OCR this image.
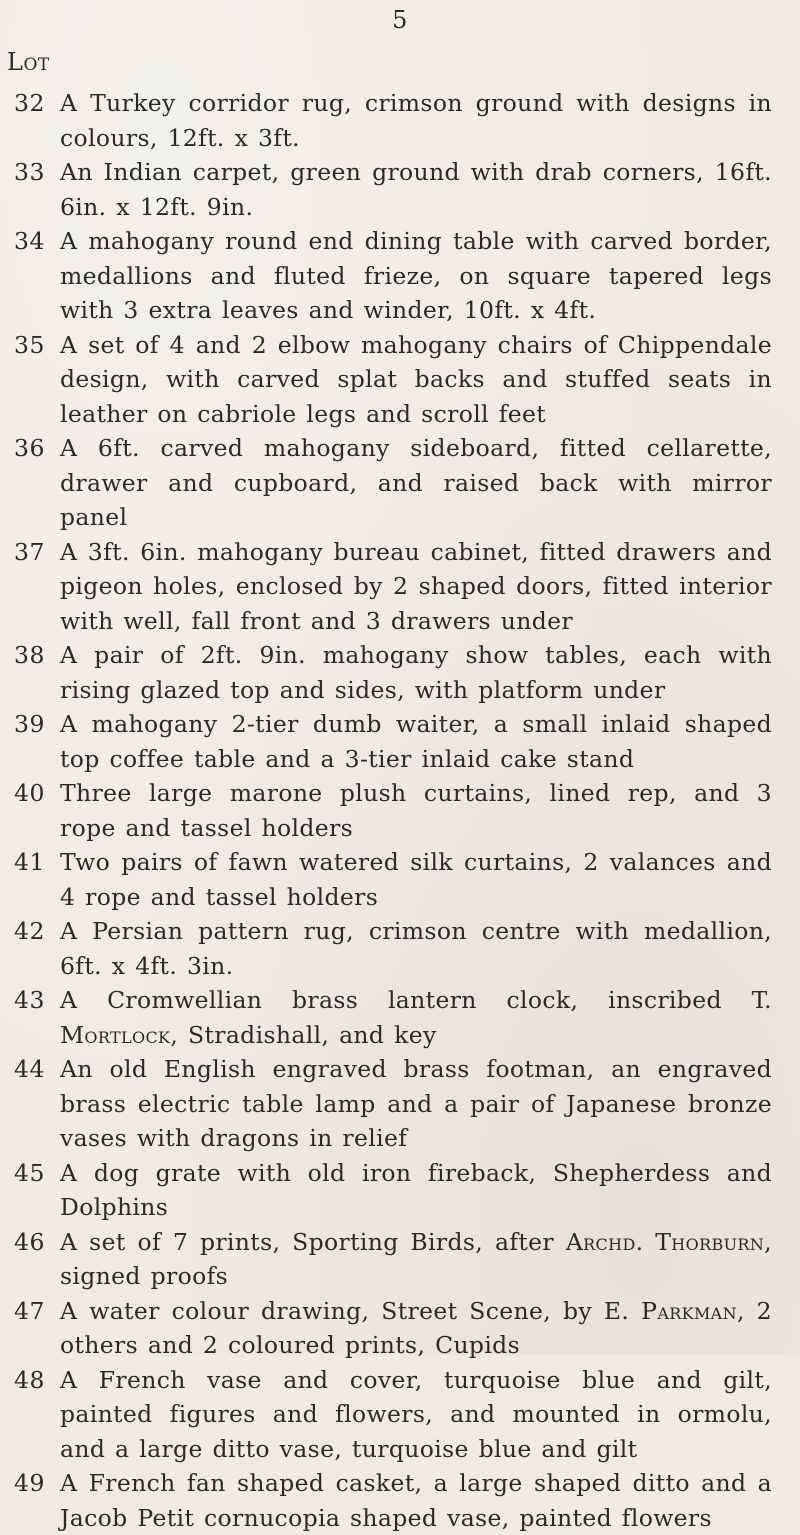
5
Lot
32 A Turkey corridor rug, crimson ground with designs in colours, 12ft. x 3ft.
33 An Indian carpet, green ground with drab corners, 16ft. 6in. x 12ft. 9in.
34 A mahogany round end dining table with carved border, medallions and fluted frieze, on square tapered legs with 3 extra leaves and winder, 10ft. x 4ft.
35 A set of 4 and 2 elbow mahogany chairs of Chippendale design, with carved splat backs and stuffed seats in leather on cabriole legs and scroll feet
36 A 6ft. carved mahogany sideboard, fitted cellarette, drawer and cupboard, and raised back with mirror panel
37 A 3ft. 6in. mahogany bureau cabinet, fitted drawers and pigeon holes, enclosed by 2 shaped doors, fitted interior with well, fall front and 3 drawers under
38 A pair of 2ft. 9in. mahogany show tables, each with rising glazed top and sides, with platform under
39 A mahogany 2-tier dumb waiter, a small inlaid shaped top coffee table and a 3-tier inlaid cake stand
40 Three large marone plush curtains, lined rep, and 3 rope and tassel holders
41 Two pairs of fawn watered silk curtains, 2 valances and 4 rope and tassel holders
42 A Persian pattern rug, crimson centre with medallion, 6ft. x 4ft. 3in.
43 A Cromwellian brass lantern clock, inscribed T. Mortlock, Stradishall, and key
44 An old English engraved brass footman, an engraved brass electric table lamp and a pair of Japanese bronze vases with dragons in relief
45 A dog grate with old iron fireback, Shepherdess and Dolphins
46 A set of 7 prints, Sporting Birds, after Archd. Thorburn, signed proofs
47 A water colour drawing, Street Scene, by E. Parkman, 2 others and 2 coloured prints, Cupids
48 A French vase and cover, turquoise blue and gilt, painted figures and flowers, and mounted in ormolu, and a large ditto vase, turquoise blue and gilt
49 A French fan shaped casket, a large shaped ditto and a Jacob Petit cornucopia shaped vase, painted flowers
